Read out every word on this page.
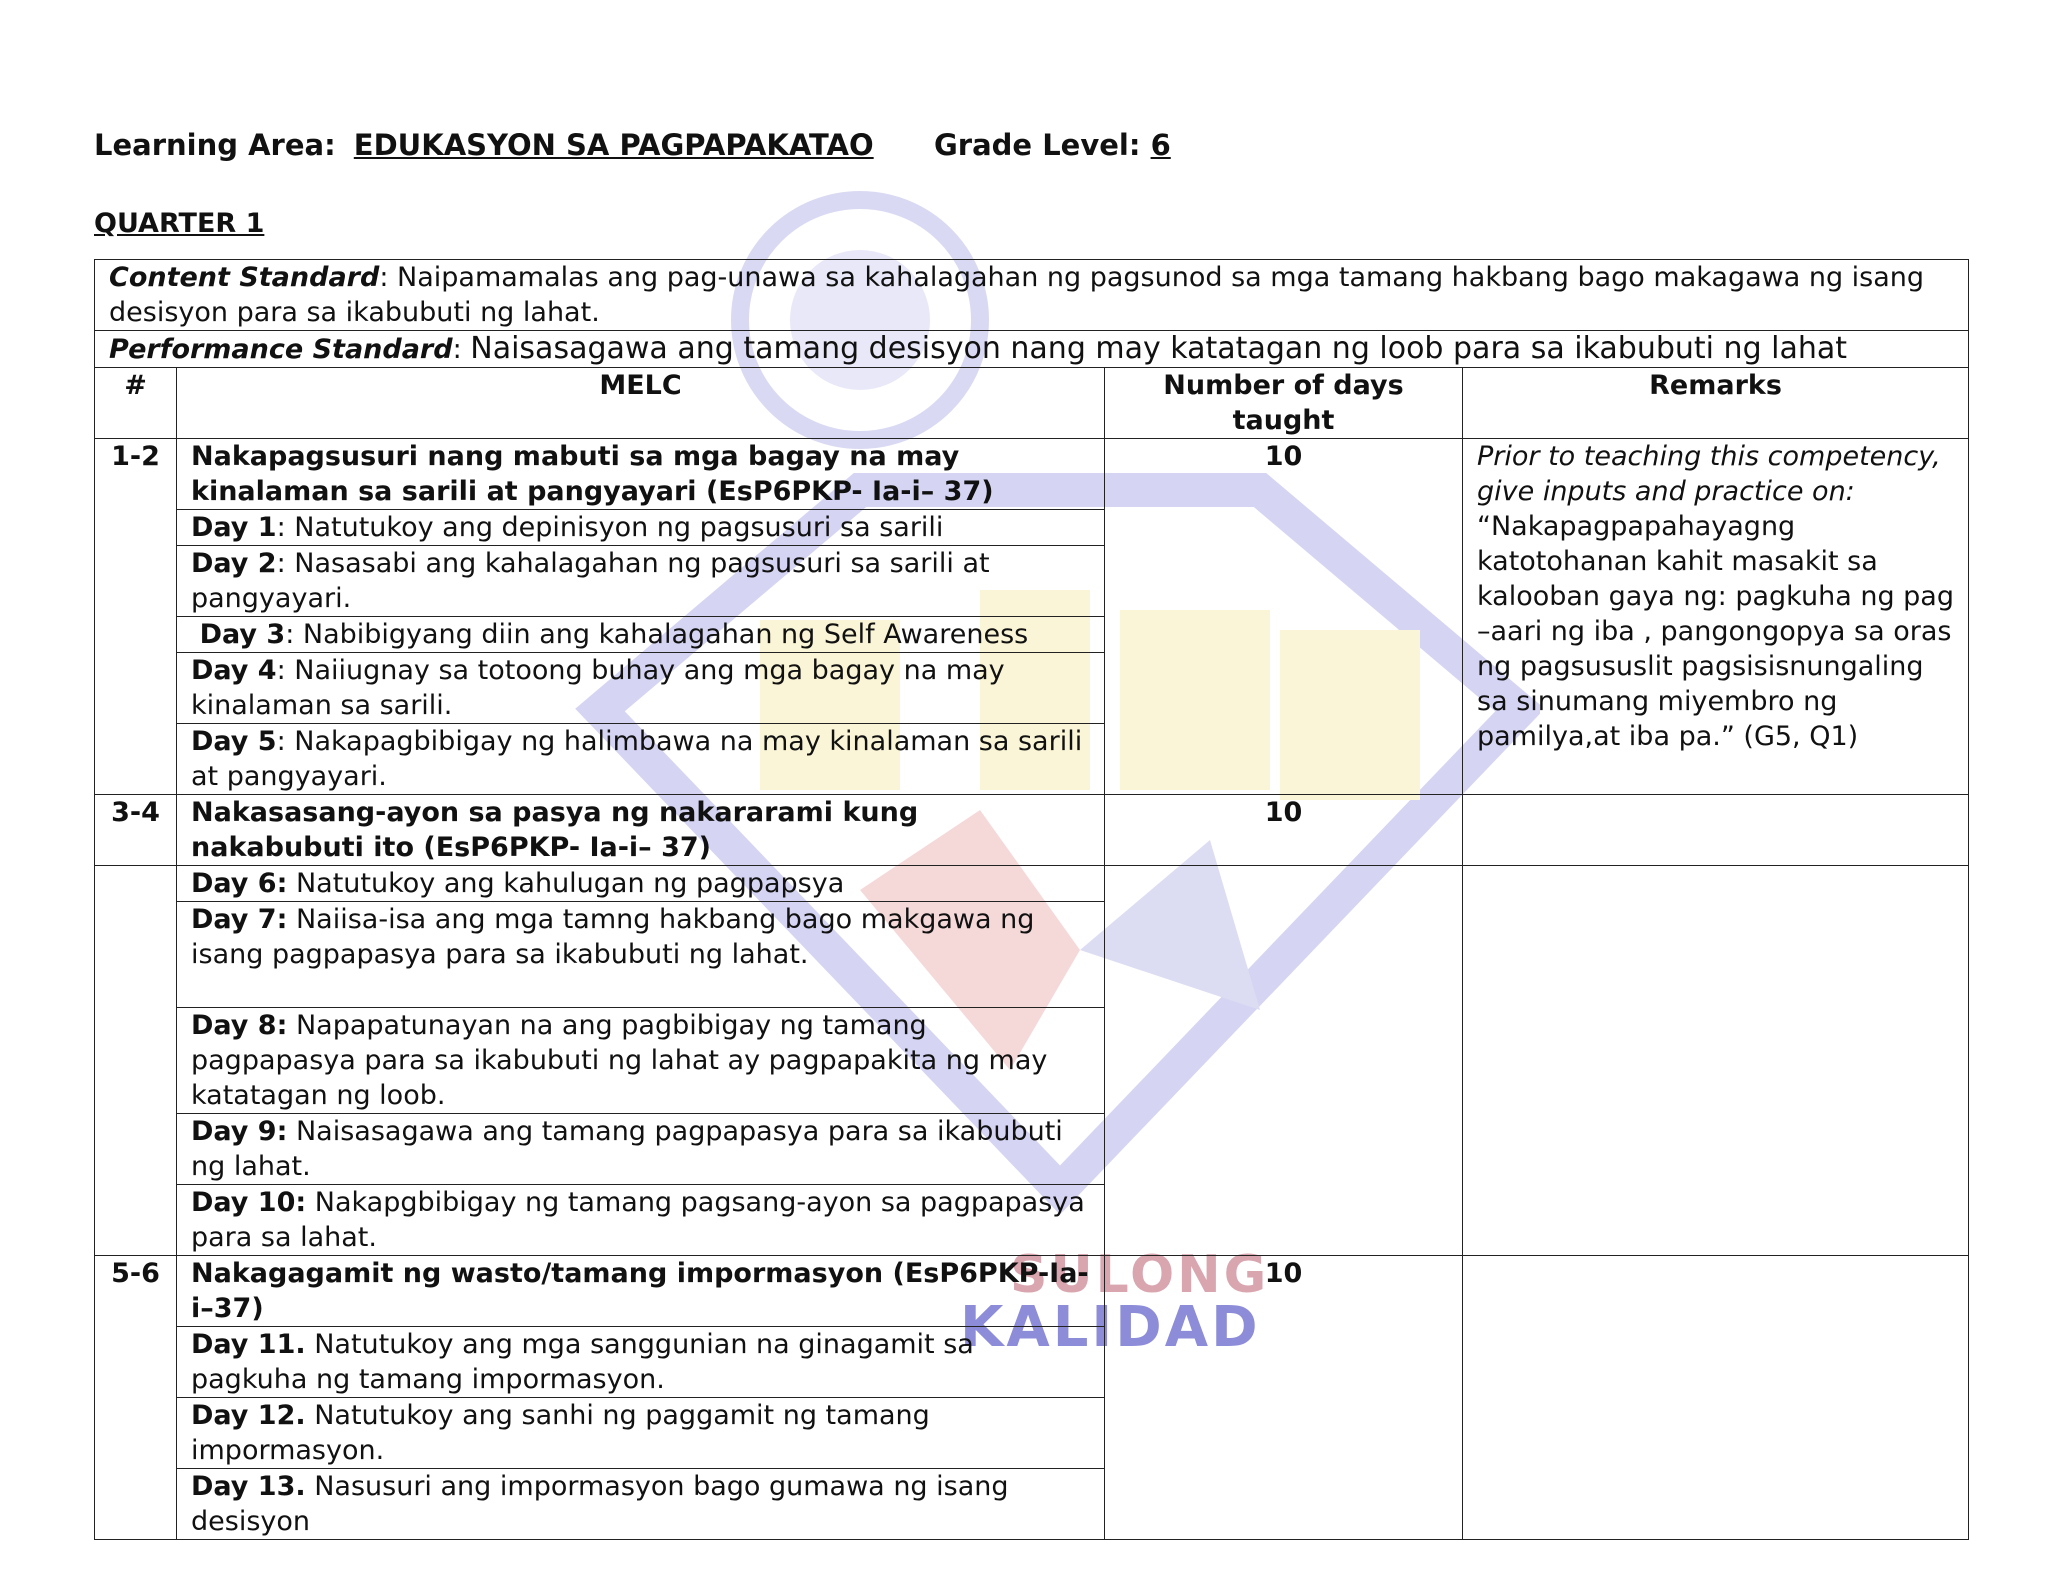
SULONG
KALIDAD
Learning Area: EDUKASYON SA PAGPAPAKATAO Grade Level: 6
QUARTER 1
Content Standard: Naipamamalas ang pag-unawa sa kahalagahan ng pagsunod sa mga tamang hakbang bago makagawa ng isang desisyon para sa ikabubuti ng lahat.			
Performance Standard: Naisasagawa ang tamang desisyon nang may katatagan ng loob para sa ikabubuti ng lahat			
#	MELC	Number of days taught	Remarks
1-2	Nakapagsusuri nang mabuti sa mga bagay na may kinalaman sa sarili at pangyayari (EsP6PKP- Ia-i– 37)	10	Prior to teaching this competency, give inputs and practice on:
“Nakapagpapahayagng katotohanan kahit masakit sa kalooban gaya ng: pagkuha ng pag –aari ng iba , pangongopya sa oras ng pagsususlit pagsisisnungaling sa sinumang miyembro ng pamilya,at iba pa.” (G5, Q1)
	Day 1: Natutukoy ang depinisyon ng pagsusuri sa sarili		
	Day 2: Nasasabi ang kahalagahan ng pagsusuri sa sarili at pangyayari.		
	Day 3: Nabibigyang diin ang kahalagahan ng Self Awareness		
	Day 4: Naiiugnay sa totoong buhay ang mga bagay na may kinalaman sa sarili.		
	Day 5: Nakapagbibigay ng halimbawa na may kinalaman sa sarili at pangyayari.		
3-4	Nakasasang-ayon sa pasya ng nakararami kung nakabubuti ito (EsP6PKP- Ia-i– 37)	10	
	Day 6: Natutukoy ang kahulugan ng pagpapsya		
	Day 7: Naiisa-isa ang mga tamng hakbang bago makgawa ng isang pagpapasya para sa ikabubuti ng lahat.		
	Day 8: Napapatunayan na ang pagbibigay ng tamang pagpapasya para sa ikabubuti ng lahat ay pagpapakita ng may katatagan ng loob.		
	Day 9: Naisasagawa ang tamang pagpapasya para sa ikabubuti ng lahat.		
	Day 10: Nakapgbibigay ng tamang pagsang-ayon sa pagpapasya para sa lahat.		
5-6	Nakagagamit ng wasto/tamang impormasyon (EsP6PKP-Ia-i–37)	10	
	Day 11. Natutukoy ang mga sanggunian na ginagamit sa pagkuha ng tamang impormasyon.		
	Day 12. Natutukoy ang sanhi ng paggamit ng tamang impormasyon.		
	Day 13. Nasusuri ang impormasyon bago gumawa ng isang desisyon		
